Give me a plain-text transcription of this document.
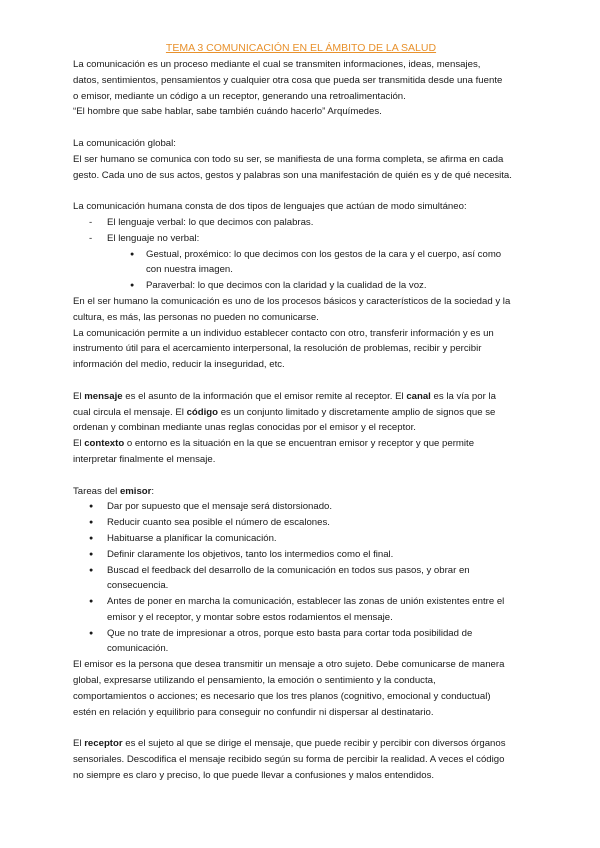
TEMA 3 COMUNICACIÓN EN EL ÁMBITO DE LA SALUD

La comunicación es un proceso mediante el cual se transmiten informaciones, ideas, mensajes,

datos, sentimientos, pensamientos y cualquier otra cosa que pueda ser transmitida desde una fuente

o emisor, mediante un código a un receptor, generando una retroalimentación.

“El hombre que sabe hablar, sabe también cuándo hacerlo” Arquímedes.

La comunicación global:

El ser humano se comunica con todo su ser, se manifiesta de una forma completa, se afirma en cada

gesto. Cada uno de sus actos, gestos y palabras son una manifestación de quién es y de qué necesita.

La comunicación humana consta de dos tipos de lenguajes que actúan de modo simultáneo:

- El lenguaje verbal: lo que decimos con palabras.
- El lenguaje no verbal:
● Gestual, proxémico: lo que decimos con los gestos de la cara y el cuerpo, así como
con nuestra imagen.
● Paraverbal: lo que decimos con la claridad y la cualidad de la voz.

En el ser humano la comunicación es uno de los procesos básicos y característicos de la sociedad y la

cultura, es más, las personas no pueden no comunicarse.

La comunicación permite a un individuo establecer contacto con otro, transferir información y es un

instrumento útil para el acercamiento interpersonal, la resolución de problemas, recibir y percibir

información del medio, reducir la inseguridad, etc.

El mensaje es el asunto de la información que el emisor remite al receptor. El canal es la vía por la

cual circula el mensaje. El código es un conjunto limitado y discretamente amplio de signos que se

ordenan y combinan mediante unas reglas conocidas por el emisor y el receptor.

El contexto o entorno es la situación en la que se encuentran emisor y receptor y que permite

interpretar finalmente el mensaje.

Tareas del emisor:

● Dar por supuesto que el mensaje será distorsionado.
● Reducir cuanto sea posible el número de escalones.
● Habituarse a planificar la comunicación.
● Definir claramente los objetivos, tanto los intermedios como el final.
● Buscad el feedback del desarrollo de la comunicación en todos sus pasos, y obrar en
consecuencia.
● Antes de poner en marcha la comunicación, establecer las zonas de unión existentes entre el
emisor y el receptor, y montar sobre estos rodamientos el mensaje.
● Que no trate de impresionar a otros, porque esto basta para cortar toda posibilidad de
comunicación.

El emisor es la persona que desea transmitir un mensaje a otro sujeto. Debe comunicarse de manera

global, expresarse utilizando el pensamiento, la emoción o sentimiento y la conducta,

comportamientos o acciones; es necesario que los tres planos (cognitivo, emocional y conductual)

estén en relación y equilibrio para conseguir no confundir ni dispersar al destinatario.

El receptor es el sujeto al que se dirige el mensaje, que puede recibir y percibir con diversos órganos

sensoriales. Descodifica el mensaje recibido según su forma de percibir la realidad. A veces el código

no siempre es claro y preciso, lo que puede llevar a confusiones y malos entendidos.
